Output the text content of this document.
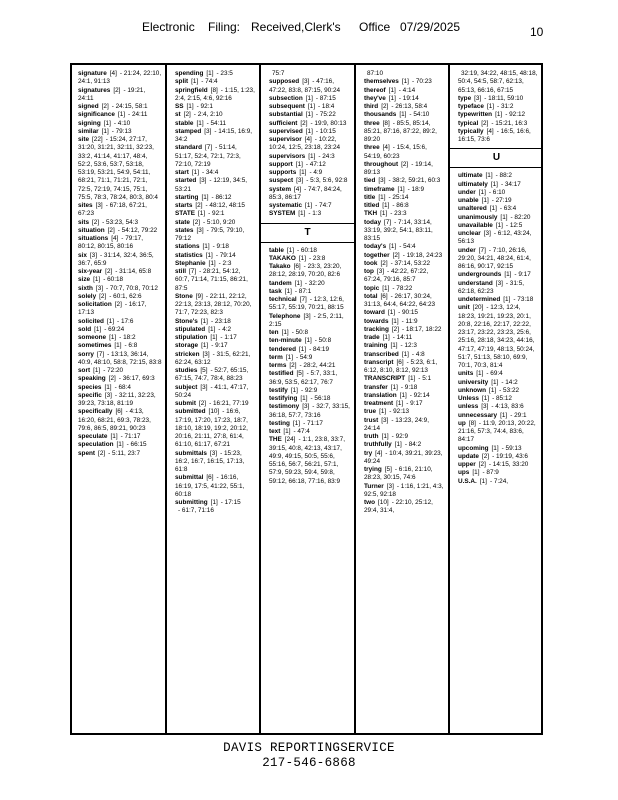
Electronic Filing: Received,Clerk's Office 07/29/2025	10
signature [4] - 21:24, 22:10, 24:1, 91:13
signatures [2] - 19:21, 24:11
signed [2] - 24:15, 58:1
significance [1] - 24:11
signing [1] - 4:10
similar [1] - 79:13
site [22] - 15:24, 27:17, 31:20, 31:21, 32:11, 32:23, 33:2, 41:14, 41:17, 48:4, 52:2, 53:6, 53:7, 53:18, 53:19, 53:21, 54:9, 54:11, 68:21, 71:1, 71:21, 72:1, 72:5, 72:19, 74:15, 75:1, 75:5, 78:3, 78:24, 80:3, 80:4
sites [3] - 67:18, 67:21, 67:23
sits [2] - 53:23, 54:3
situation [2] - 54:12, 79:22
situations [4] - 79:17, 80:12, 80:15, 80:16
six [3] - 31:14, 32:4, 36:5, 36:7, 65:9
six-year [2] - 31:14, 65:8
size [1] - 60:18
sixth [3] - 70:7, 70:8, 70:12
solely [2] - 60:1, 62:6
solicitation [2] - 16:17, 17:13
solicited [1] - 17:6
sold [1] - 69:24
someone [1] - 18:2
sometimes [1] - 6:8
sorry [7] - 13:13, 36:14, 40:9, 48:10, 58:8, 72:15, 83:8
sort [1] - 72:20
speaking [2] - 36:17, 69:3
species [1] - 68:4
specific [3] - 32:11, 32:23, 39:23, 73:18, 81:19
specifically [6] - 4:13, 16:20, 68:21, 69:3, 78:23, 79:6, 86:5, 89:21, 90:23
speculate [1] - 71:17
speculation [1] - 66:15
spent [2] - 5:11, 23:7
spending [1] - 23:5
split [1] - 74:4
springfield [8] - 1:15, 1:23, 2:4, 2:15, 4:6, 92:16
SS [1] - 92:1
st [2] - 2:4, 2:10
stable [1] - 54:11
stamped [3] - 14:15, 16:9, 34:2
standard [7] - 51:14, 51:17, 52:4, 72:1, 72:3, 72:10, 72:19
start [1] - 34:4
started [3] - 12:19, 34:5, 53:21
starting [1] - 86:12
starts [2] - 48:12, 48:15
STATE [1] - 92:1
state [2] - 5:10, 9:20
states [3] - 79:5, 79:10, 79:12
stations [1] - 9:18
statistics [1] - 79:14
Stephanie [1] - 2:3
still [7] - 28:21, 54:12, 60:7, 71:14, 71:15, 86:21, 87:5
Stone [9] - 22:11, 22:12, 22:13, 23:13, 28:12, 70:20, 71:7, 72:23, 82:3
Stone's [1] - 23:18
stipulated [1] - 4:2
stipulation [1] - 1:17
storage [1] - 9:17
stricken [3] - 31:5, 62:21, 62:24, 63:12
studies [5] - 52:7, 65:15, 67:15, 74:7, 78:4, 88:23
subject [3] - 41:1, 47:17, 50:24
submit [2] - 16:21, 77:19
submitted [10] - 16:6, 17:19, 17:20, 17:23, 18:7, 18:10, 18:19, 19:2, 20:12, 20:16, 21:11, 27:8, 61:4, 61:10, 61:17, 67:21
submittals [3] - 15:23, 16:2, 16:7, 16:15, 17:13, 61:8
submittal [6] - 16:16, 16:19, 17:5, 41:22, 55:1, 60:18
submitting [1] - 17:15
- 61:7, 71:16
75:7
supposed [3] - 47:16, 47:22, 83:8, 87:15, 90:24
subsection [1] - 87:15
subsequent [1] - 18:4
substantial [1] - 75:22
sufficient [2] - 19:9, 80:13
supervised [1] - 10:15
supervisor [4] - 10:22, 10:24, 12:5, 23:18, 23:24
supervisors [1] - 24:3
support [1] - 47:12
supports [1] - 4:9
suspect [3] - 5:3, 5:6, 92:8
system [4] - 74:7, 84:24, 85:3, 86:17
systematic [1] - 74:7
SYSTEM [1] - 1:3
T
table [1] - 60:18
TAKAKO [1] - 23:8
Takako [6] - 23:3, 23:20, 28:12, 28:19, 70:20, 82:6
tandem [1] - 32:20
task [1] - 87:1
technical [7] - 12:3, 12:6, 55:17, 55:19, 70:21, 88:15
Telephone [3] - 2:5, 2:11, 2:15
ten [1] - 50:8
ten-minute [1] - 50:8
tendered [1] - 84:19
term [1] - 54:9
terms [2] - 28:2, 44:21
testified [5] - 5:7, 33:1, 36:9, 53:5, 62:17, 76:7
testify [1] - 92:9
testifying [1] - 56:18
testimony [3] - 32:7, 33:15, 36:18, 57:7, 73:16
testing [1] - 71:17
text [1] - 47:4
THE [24] - 1:1, 23:8, 33:7, 39:15, 40:8, 42:13, 43:17, 49:9, 49:15, 50:5, 55:6, 55:16, 56:7, 56:21, 57:1, 57:9, 59:23, 59:4, 59:8, 59:12, 66:18, 77:16, 83:9
87:10
themselves [1] - 70:23
thereof [1] - 4:14
they've [1] - 19:14
third [2] - 26:13, 58:4
thousands [1] - 54:10
three [8] - 85:5, 85:14, 85:21, 87:16, 87:22, 89:2, 89:20
three [4] - 15:4, 15:6, 54:19, 60:23
throughout [2] - 19:14, 89:13
tied [3] - 38:2, 59:21, 60:3
timeframe [1] - 18:9
title [1] - 25:14
titled [1] - 86:8
TKH [1] - 23:3
today [7] - 7:14, 33:14, 33:19, 39:2, 54:1, 83:11, 83:15
today's [1] - 54:4
together [2] - 19:18, 24:23
took [2] - 37:14, 53:22
top [3] - 42:22, 67:22, 67:24, 79:16, 85:7
topic [1] - 78:22
total [6] - 26:17, 30:24, 31:13, 64:4, 64:22, 64:23
toward [1] - 90:15
towards [1] - 11:9
tracking [2] - 18:17, 18:22
trade [1] - 14:11
training [1] - 12:3
transcribed [1] - 4:8
transcript [6] - 5:23, 6:1, 6:12, 8:10, 8:12, 92:13
TRANSCRIPT [1] - 5:1
transfer [1] - 9:18
translation [1] - 92:14
treatment [1] - 9:17
true [1] - 92:13
trust [3] - 13:23, 24:9, 24:14
truth [1] - 92:9
truthfully [1] - 84:2
try [4] - 10:4, 39:21, 39:23, 49:24
trying [5] - 6:16, 21:10, 28:23, 30:15, 74:6
Turner [3] - 1:16, 1:21, 4:3, 92:5, 92:18
two [10] - 22:10, 25:12, 29:4, 31:4,
32:19, 34:22, 48:15, 48:18, 50:4, 54:5, 58:7, 62:13, 65:13, 66:16, 67:15
type [3] - 18:11, 59:10
typeface [1] - 31:2
typewritten [1] - 92:12
typical [2] - 15:21, 16:3
typically [4] - 16:5, 16:6, 16:15, 73:6
U
ultimate [1] - 88:2
ultimately [1] - 34:17
under [1] - 6:10
unable [1] - 27:19
unaltered [1] - 63:4
unanimously [1] - 82:20
unavailable [1] - 12:5
unclear [3] - 6:12, 43:24, 56:13
under [7] - 7:10, 26:16, 29:20, 34:21, 48:24, 61:4, 86:16, 90:17, 92:15
undergrounds [1] - 9:17
understand [3] - 31:5, 62:18, 62:23
undetermined [1] - 73:18
unit [20] - 12:3, 12:4, 18:23, 19:21, 19:23, 20:1, 20:8, 22:16, 22:17, 22:22, 23:17, 23:22, 23:23, 25:6, 25:16, 28:18, 34:23, 44:16, 47:17, 47:19, 48:13, 50:24, 51:7, 51:13, 58:10, 69:9, 70:1, 70:3, 81:4
units [1] - 69:4
university [1] - 14:2
unknown [1] - 53:22
Unless [1] - 85:12
unless [3] - 4:13, 83:6
unnecessary [1] - 29:1
up [8] - 11:9, 20:13, 20:22, 21:16, 57:3, 74:4, 83:6, 84:17
upcoming [1] - 59:13
update [2] - 19:19, 43:6
upper [2] - 14:15, 33:20
ups [1] - 87:9
U.S.A. [1] - 7:24,
DAVIS REPORTINGSERVICE
217-546-6868
